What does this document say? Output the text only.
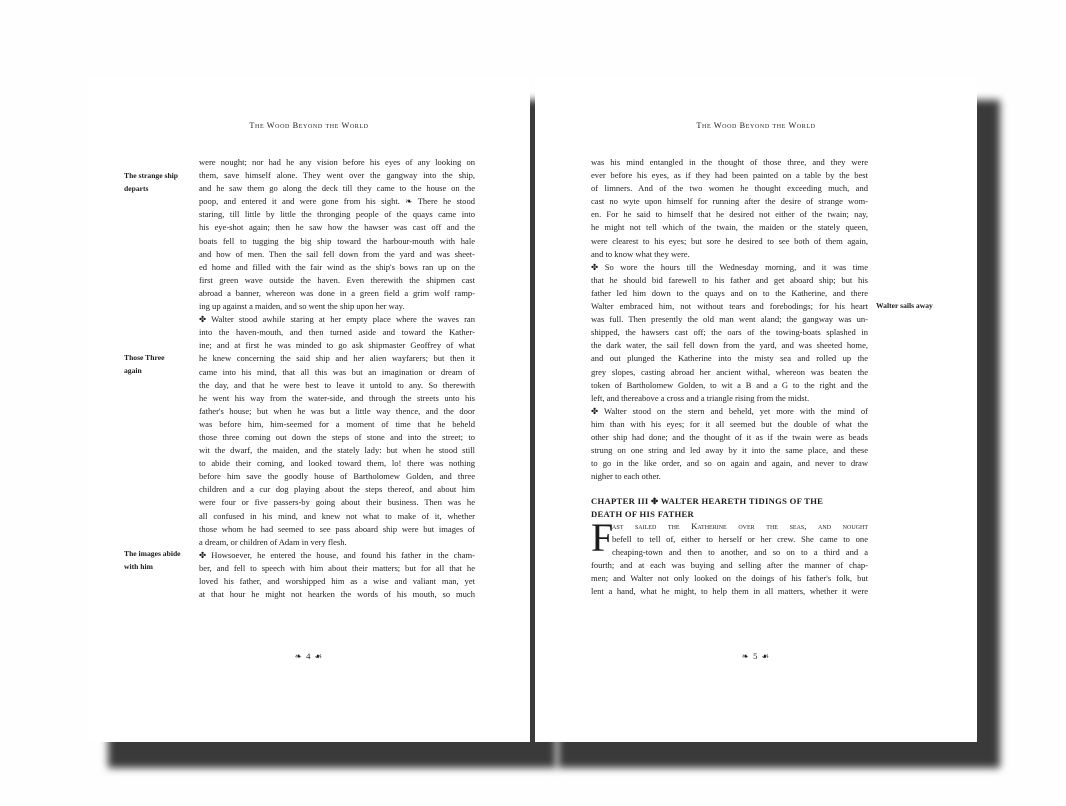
The Wood Beyond the World
The strange ship departs
Those Three again
The images abide with him
were nought; nor had he any vision before his eyes of any looking on
them, save himself alone. They went over the gangway into the ship,
and he saw them go along the deck till they came to the house on the
poop, and entered it and were gone from his sight. ❧ There he stood
staring, till little by little the thronging people of the quays came into
his eye-shot again; then he saw how the hawser was cast off and the
boats fell to tugging the big ship toward the harbour-mouth with hale
and how of men. Then the sail fell down from the yard and was sheet-
ed home and filled with the fair wind as the ship's bows ran up on the
first green wave outside the haven. Even therewith the shipmen cast
abroad a banner, whereon was done in a green field a grim wolf ramp-
ing up against a maiden, and so went the ship upon her way.
✤ Walter stood awhile staring at her empty place where the waves ran
into the haven-mouth, and then turned aside and toward the Kather-
ine; and at first he was minded to go ask shipmaster Geoffrey of what
he knew concerning the said ship and her alien wayfarers; but then it
came into his mind, that all this was but an imagination or dream of
the day, and that he were best to leave it untold to any. So therewith
he went his way from the water-side, and through the streets unto his
father's house; but when he was but a little way thence, and the door
was before him, him-seemed for a moment of time that he beheld
those three coming out down the steps of stone and into the street; to
wit the dwarf, the maiden, and the stately lady: but when he stood still
to abide their coming, and looked toward them, lo! there was nothing
before him save the goodly house of Bartholomew Golden, and three
children and a cur dog playing about the steps thereof, and about him
were four or five passers-by going about their business. Then was he
all confused in his mind, and knew not what to make of it, whether
those whom he had seemed to see pass aboard ship were but images of
a dream, or children of Adam in very flesh.
✤ Howsoever, he entered the house, and found his father in the cham-
ber, and fell to speech with him about their matters; but for all that he
loved his father, and worshipped him as a wise and valiant man, yet
at that hour he might not hearken the words of his mouth, so much
❧ 4 ☙
The Wood Beyond the World
was his mind entangled in the thought of those three, and they were
ever before his eyes, as if they had been painted on a table by the best
of limners. And of the two women he thought exceeding much, and
cast no wyte upon himself for running after the desire of strange wom-
en. For he said to himself that he desired not either of the twain; nay,
he might not tell which of the twain, the maiden or the stately queen,
were clearest to his eyes; but sore he desired to see both of them again,
and to know what they were.
✤ So wore the hours till the Wednesday morning, and it was time
that he should bid farewell to his father and get aboard ship; but his
father led him down to the quays and on to the Katherine, and there
Walter embraced him, not without tears and forebodings; for his heart
was full. Then presently the old man went aland; the gangway was un-
shipped, the hawsers cast off; the oars of the towing-boats splashed in
the dark water, the sail fell down from the yard, and was sheeted home,
and out plunged the Katherine into the misty sea and rolled up the
grey slopes, casting abroad her ancient withal, whereon was beaten the
token of Bartholomew Golden, to wit a B and a G to the right and the
left, and thereabove a cross and a triangle rising from the midst.
✤ Walter stood on the stern and beheld, yet more with the mind of
him than with his eyes; for it all seemed but the double of what the
other ship had done; and the thought of it as if the twain were as beads
strung on one string and led away by it into the same place, and these
to go in the like order, and so on again and again, and never to draw
nigher to each other.
Walter sails away
CHAPTER III ✤ WALTER HEARETH TIDINGS OF THE
DEATH OF HIS FATHER
F
ast sailed the Katherine over the seas, and nought
befell to tell of, either to herself or her crew. She came to one
cheaping-town and then to another, and so on to a third and a
fourth; and at each was buying and selling after the manner of chap-
men; and Walter not only looked on the doings of his father's folk, but
lent a hand, what he might, to help them in all matters, whether it were
❧ 5 ☙
